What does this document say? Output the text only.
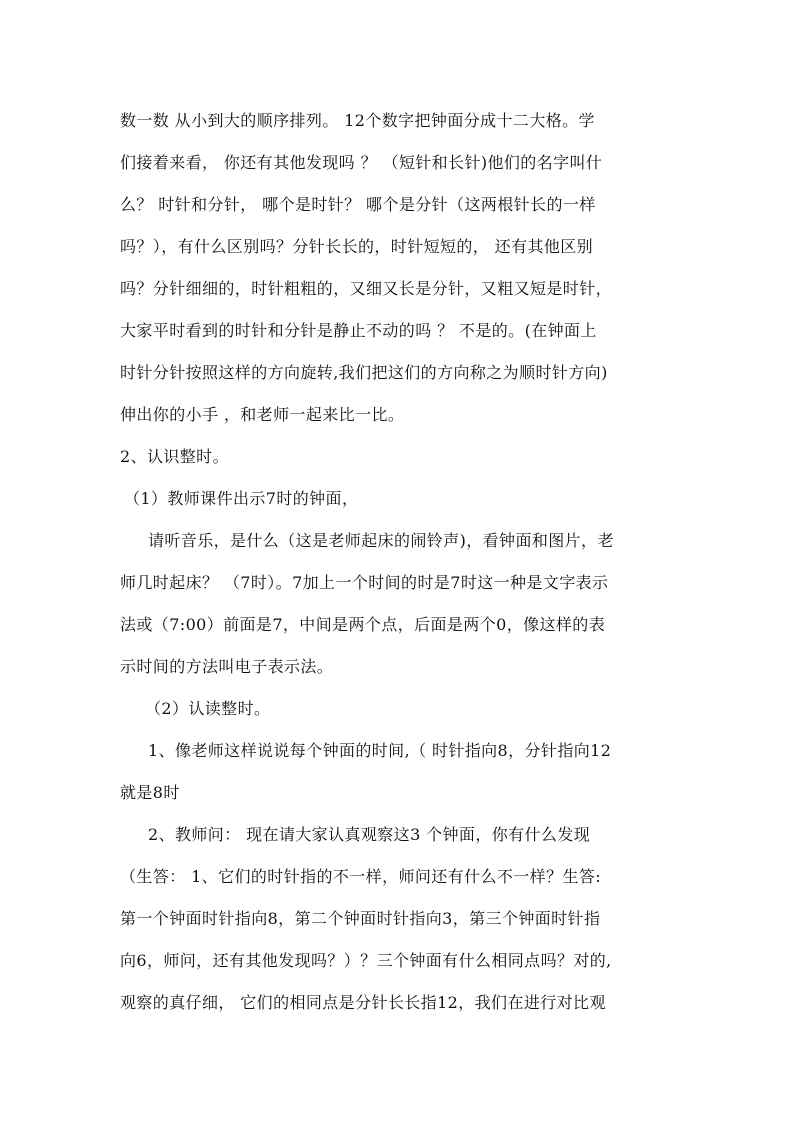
数一数 从小到大的顺序排列。 12个数字把钟面分成十二大格。学
们接着来看， 你还有其他发现吗 ？ （短针和长针)他们的名字叫什
么？ 时针和分针， 哪个是时针？ 哪个是分针（这两根针长的一样
吗？），有什么区别吗？分针长长的，时针短短的， 还有其他区别
吗？分针细细的，时针粗粗的，又细又长是分针，又粗又短是时针，
大家平时看到的时针和分针是静止不动的吗 ？ 不是的。(在钟面上
时针分针按照这样的方向旋转,我们把这们的方向称之为顺时针方向)
伸出你的小手 ，和老师一起来比一比。
2、认识整时。
（1）教师课件出示7时的钟面，
请听音乐，是什么（这是老师起床的闹铃声)，看钟面和图片，老
师几时起床？ （7时）。7加上一个时间的时是7时这一种是文字表示
法或（7:00）前面是7，中间是两个点，后面是两个0，像这样的表
示时间的方法叫电子表示法。
（2）认读整时。
1、像老师这样说说每个钟面的时间,（ 时针指向8，分针指向12
就是8时
2、教师问： 现在请大家认真观察这3 个钟面，你有什么发现
（生答： 1、它们的时针指的不一样，师问还有什么不一样？生答:
第一个钟面时针指向8，第二个钟面时针指向3，第三个钟面时针指
向6，师问，还有其他发现吗？）？三个钟面有什么相同点吗？对的,
观察的真仔细， 它们的相同点是分针长长指12，我们在进行对比观
